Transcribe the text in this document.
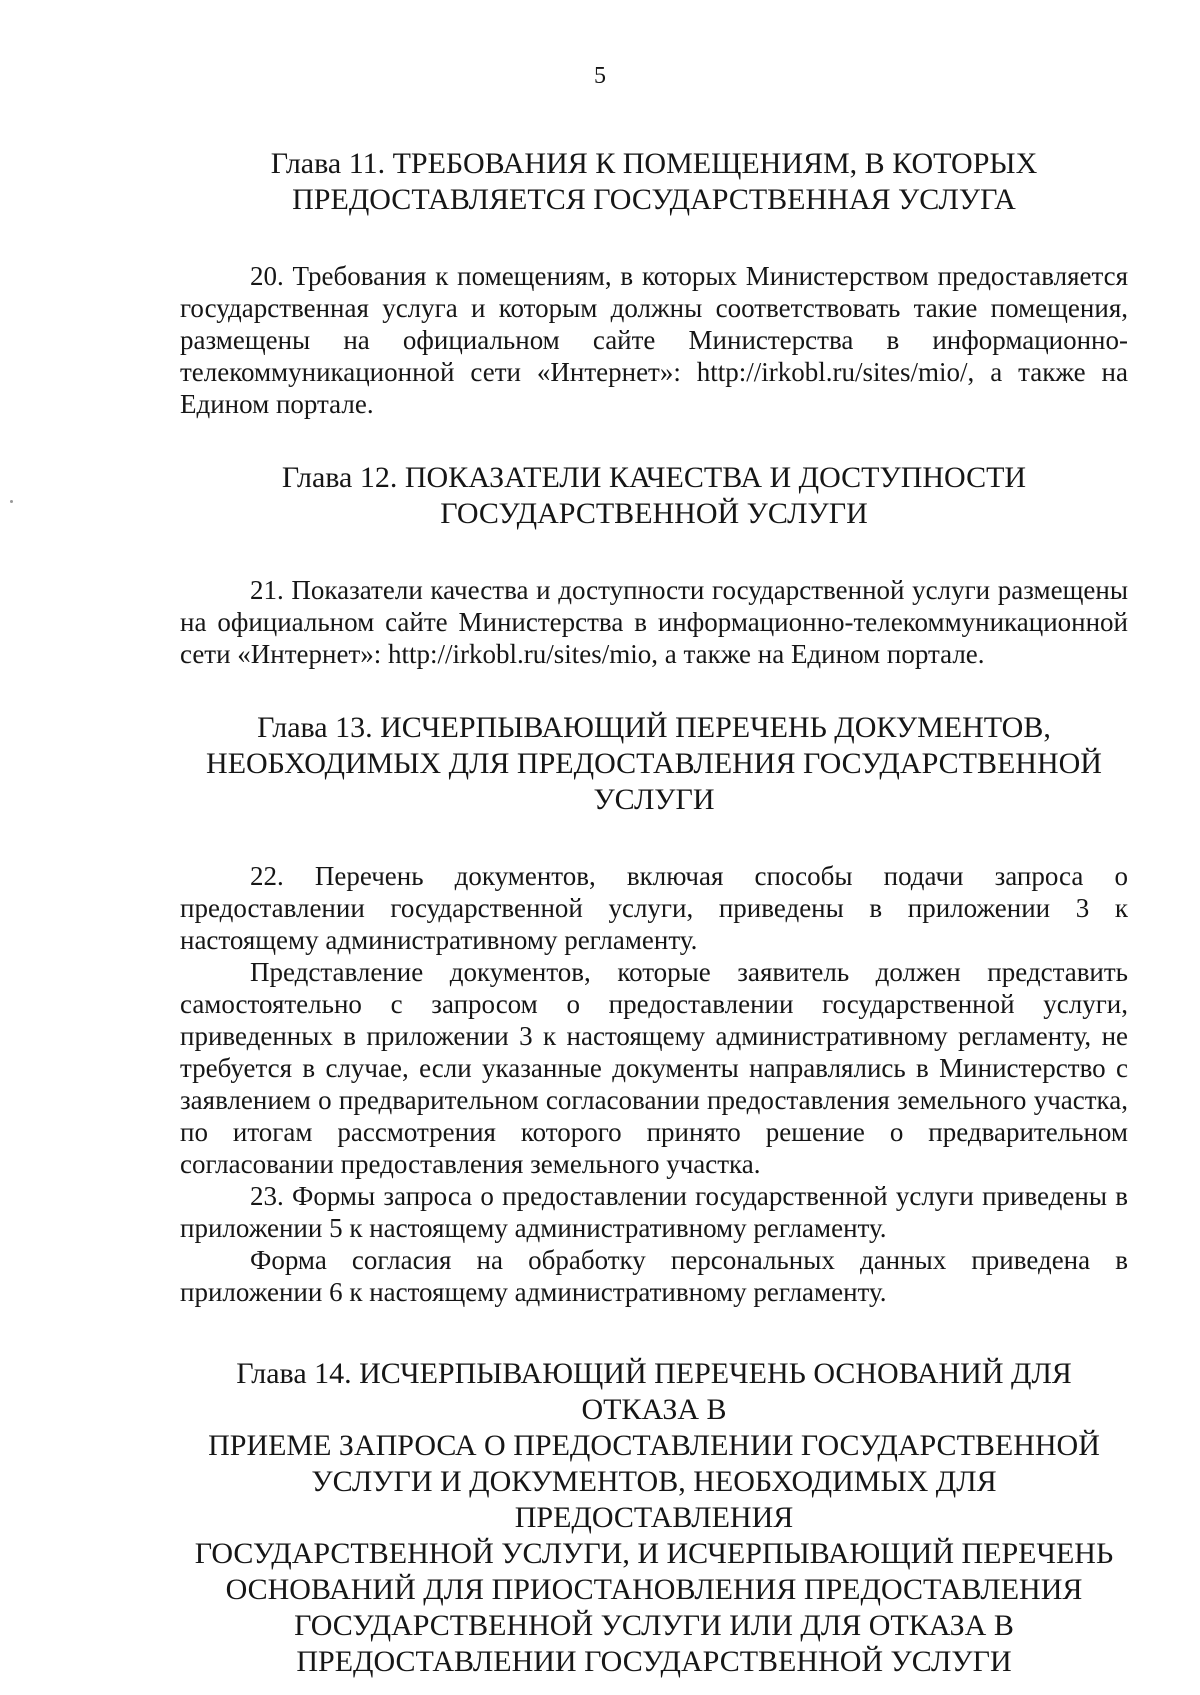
5
Глава 11. ТРЕБОВАНИЯ К ПОМЕЩЕНИЯМ, В КОТОРЫХ
ПРЕДОСТАВЛЯЕТСЯ ГОСУДАРСТВЕННАЯ УСЛУГА

20. Требования к помещениям, в которых Министерством предоставляется государственная услуга и которым должны соответствовать такие помещения, размещены на официальном сайте Министерства в информационно-телекоммуникационной сети «Интернет»: http://irkobl.ru/sites/mio/, а также на Едином портале.

Глава 12. ПОКАЗАТЕЛИ КАЧЕСТВА И ДОСТУПНОСТИ
ГОСУДАРСТВЕННОЙ УСЛУГИ

21. Показатели качества и доступности государственной услуги размещены на официальном сайте Министерства в информационно-телекоммуникационной сети «Интернет»: http://irkobl.ru/sites/mio, а также на Едином портале.

Глава 13. ИСЧЕРПЫВАЮЩИЙ ПЕРЕЧЕНЬ ДОКУМЕНТОВ,
НЕОБХОДИМЫХ ДЛЯ ПРЕДОСТАВЛЕНИЯ ГОСУДАРСТВЕННОЙ
УСЛУГИ

22. Перечень документов, включая способы подачи запроса о предоставлении государственной услуги, приведены в приложении 3 к настоящему административному регламенту.

Представление документов, которые заявитель должен представить самостоятельно с запросом о предоставлении государственной услуги, приведенных в приложении 3 к настоящему административному регламенту, не требуется в случае, если указанные документы направлялись в Министерство с заявлением о предварительном согласовании предоставления земельного участка, по итогам рассмотрения которого принято решение о предварительном согласовании предоставления земельного участка.

23. Формы запроса о предоставлении государственной услуги приведены в приложении 5 к настоящему административному регламенту.

Форма согласия на обработку персональных данных приведена в приложении 6 к настоящему административному регламенту.

Глава 14. ИСЧЕРПЫВАЮЩИЙ ПЕРЕЧЕНЬ ОСНОВАНИЙ ДЛЯ ОТКАЗА В
ПРИЕМЕ ЗАПРОСА О ПРЕДОСТАВЛЕНИИ ГОСУДАРСТВЕННОЙ
УСЛУГИ И ДОКУМЕНТОВ, НЕОБХОДИМЫХ ДЛЯ ПРЕДОСТАВЛЕНИЯ
ГОСУДАРСТВЕННОЙ УСЛУГИ, И ИСЧЕРПЫВАЮЩИЙ ПЕРЕЧЕНЬ
ОСНОВАНИЙ ДЛЯ ПРИОСТАНОВЛЕНИЯ ПРЕДОСТАВЛЕНИЯ
ГОСУДАРСТВЕННОЙ УСЛУГИ ИЛИ ДЛЯ ОТКАЗА В
ПРЕДОСТАВЛЕНИИ ГОСУДАРСТВЕННОЙ УСЛУГИ
